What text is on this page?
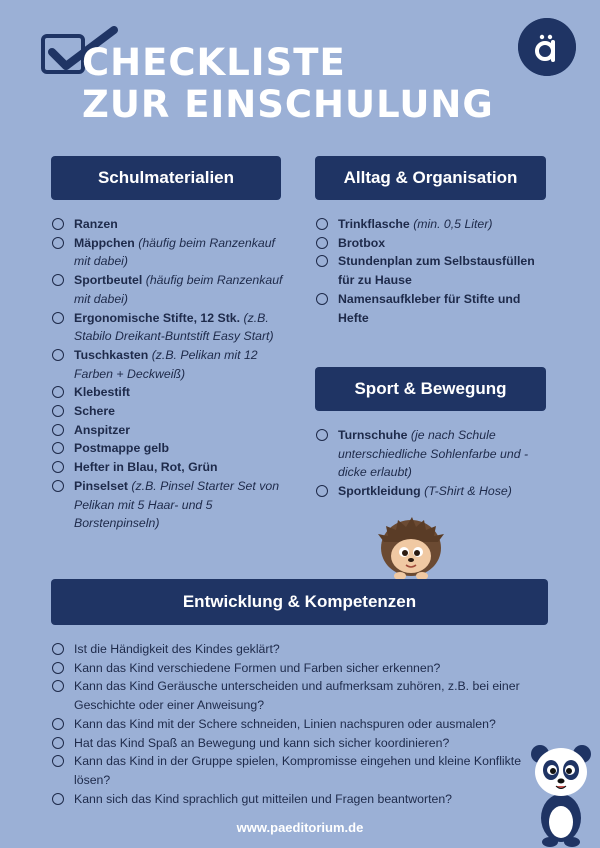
CHECKLISTE
ZUR EINSCHULUNG
Schulmaterialien
Ranzen
Mäppchen (häufig beim Ranzenkauf mit dabei)
Sportbeutel (häufig beim Ranzenkauf mit dabei)
Ergonomische Stifte, 12 Stk. (z.B. Stabilo Dreikant-Buntstift Easy Start)
Tuschkasten (z.B. Pelikan mit 12 Farben + Deckweiß)
Klebestift
Schere
Anspitzer
Postmappe gelb
Hefter in Blau, Rot, Grün
Pinselset (z.B. Pinsel Starter Set von Pelikan mit 5 Haar- und 5 Borstenpinseln)
Alltag & Organisation
Trinkflasche (min. 0,5 Liter)
Brotbox
Stundenplan zum Selbstausfüllen für zu Hause
Namensaufkleber für Stifte und Hefte
Sport & Bewegung
Turnschuhe (je nach Schule unterschiedliche Sohlenfarbe und -dicke erlaubt)
Sportkleidung (T-Shirt & Hose)
Entwicklung & Kompetenzen
Ist die Händigkeit des Kindes geklärt?
Kann das Kind verschiedene Formen und Farben sicher erkennen?
Kann das Kind Geräusche unterscheiden und aufmerksam zuhören, z.B. bei einer Geschichte oder einer Anweisung?
Kann das Kind mit der Schere schneiden, Linien nachspuren oder ausmalen?
Hat das Kind Spaß an Bewegung und kann sich sicher koordinieren?
Kann das Kind in der Gruppe spielen, Kompromisse eingehen und kleine Konflikte lösen?
Kann sich das Kind sprachlich gut mitteilen und Fragen beantworten?
www.paeditorium.de
